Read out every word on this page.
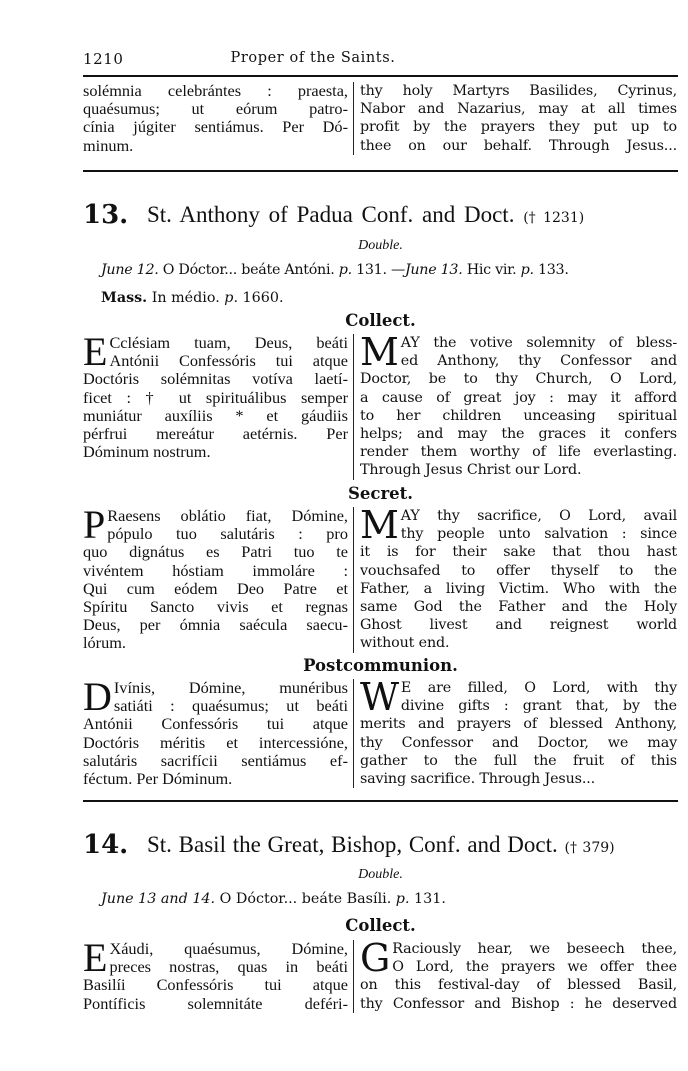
1210	Proper of the Saints.
solémnia celebrántes : praesta,
quaésumus; ut eórum patro-
cínia júgiter sentiámus. Per Dó-
minum.
thy holy Martyrs Basilides, Cyrinus,
Nabor and Nazarius, may at all times
profit by the prayers they put up to
thee on our behalf. Through Jesus...
13. St. Anthony of Padua Conf. and Doct. († 1231)
Double.
June 12. O Dóctor... beáte Antóni. p. 131. —June 13. Hic vir. p. 133.
Mass. In médio. p. 1660.
Collect.
E Cclésiam tuam, Deus, beáti
Antónii Confessóris tui atque
Doctóris solémnitas votíva laetí-
ficet : † ut spirituálibus semper
muniátur auxíliis * et gáudiis
pérfrui mereátur aetérnis. Per
Dóminum nostrum.
M AY the votive solemnity of bless-
ed Anthony, thy Confessor and
Doctor, be to thy Church, O Lord,
a cause of great joy : may it afford
to her children unceasing spiritual
helps; and may the graces it confers
render them worthy of life everlasting.
Through Jesus Christ our Lord.
Secret.
P Raesens oblátio fiat, Dómine,
pópulo tuo salutáris : pro
quo dignátus es Patri tuo te
vivéntem hóstiam immoláre :
Qui cum eódem Deo Patre et
Spíritu Sancto vivis et regnas
Deus, per ómnia saécula saecu-
lórum.
M AY thy sacrifice, O Lord, avail
thy people unto salvation : since
it is for their sake that thou hast
vouchsafed to offer thyself to the
Father, a living Victim. Who with the
same God the Father and the Holy
Ghost livest and reignest world
without end.
Postcommunion.
D Ivínis, Dómine, munéribus
satiáti : quaésumus; ut beáti
Antónii Confessóris tui atque
Doctóris méritis et intercessióne,
salutáris sacrifícii sentiámus ef-
féctum. Per Dóminum.
W E are filled, O Lord, with thy
divine gifts : grant that, by the
merits and prayers of blessed Anthony,
thy Confessor and Doctor, we may
gather to the full the fruit of this
saving sacrifice. Through Jesus...
14. St. Basil the Great, Bishop, Conf. and Doct. († 379)
Double.
June 13 and 14. O Dóctor... beáte Basíli. p. 131.
Collect.
E Xáudi, quaésumus, Dómine,
preces nostras, quas in beáti
Basilíi Confessóris tui atque
Pontíficis solemnitáte deféri-
G Raciously hear, we beseech thee,
O Lord, the prayers we offer thee
on this festival-day of blessed Basil,
thy Confessor and Bishop : he deserved
